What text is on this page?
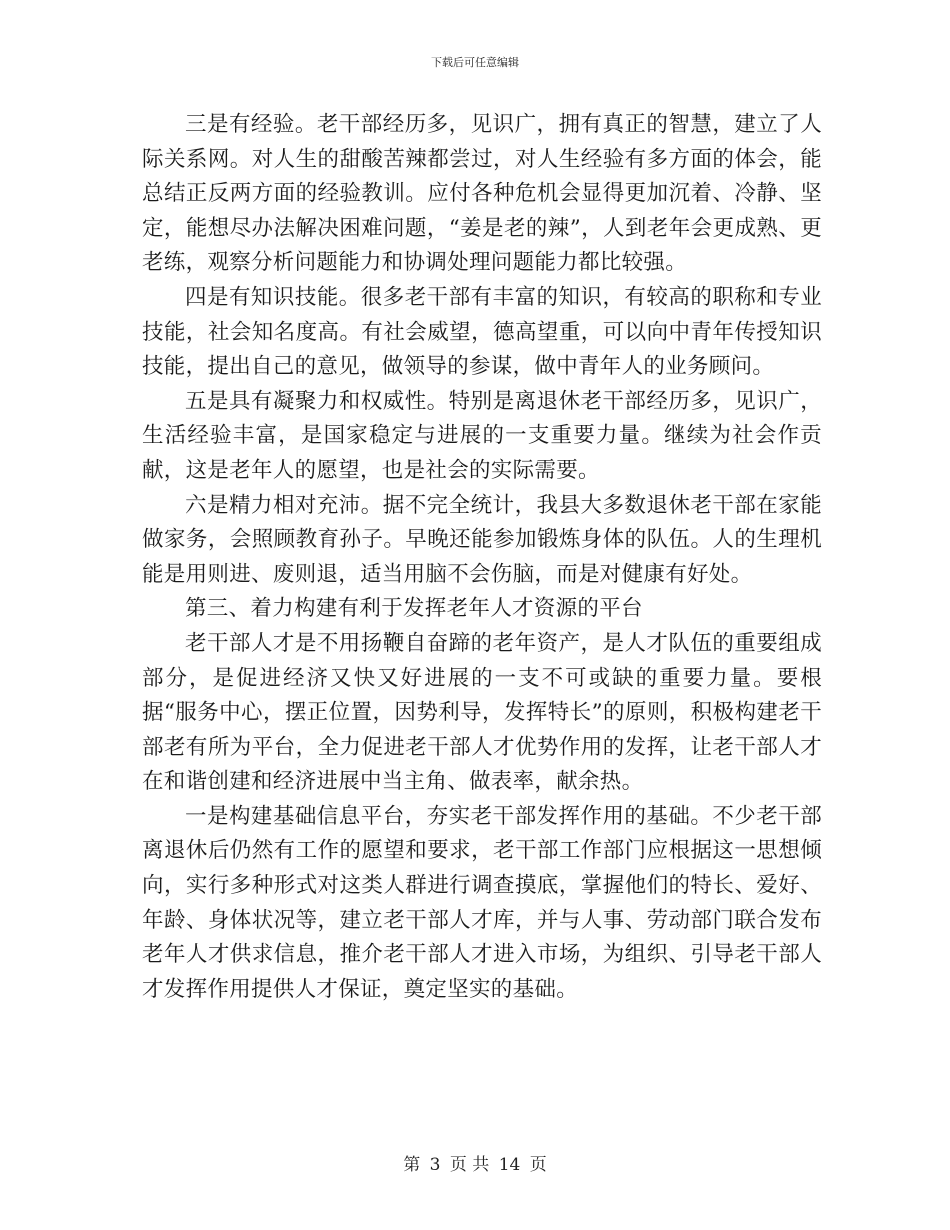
下载后可任意编辑

三是有经验。老干部经历多，见识广，拥有真正的智慧，建立了人际关系网。对人生的甜酸苦辣都尝过，对人生经验有多方面的体会，能总结正反两方面的经验教训。应付各种危机会显得更加沉着、冷静、坚定，能想尽办法解决困难问题，“姜是老的辣”，人到老年会更成熟、更老练，观察分析问题能力和协调处理问题能力都比较强。

四是有知识技能。很多老干部有丰富的知识，有较高的职称和专业技能，社会知名度高。有社会威望，德高望重，可以向中青年传授知识技能，提出自己的意见，做领导的参谋，做中青年人的业务顾问。

五是具有凝聚力和权威性。特别是离退休老干部经历多，见识广，生活经验丰富，是国家稳定与进展的一支重要力量。继续为社会作贡献，这是老年人的愿望，也是社会的实际需要。

六是精力相对充沛。据不完全统计，我县大多数退休老干部在家能做家务，会照顾教育孙子。早晚还能参加锻炼身体的队伍。人的生理机能是用则进、废则退，适当用脑不会伤脑，而是对健康有好处。

第三、着力构建有利于发挥老年人才资源的平台

老干部人才是不用扬鞭自奋蹄的老年资产，是人才队伍的重要组成部分，是促进经济又快又好进展的一支不可或缺的重要力量。要根据“服务中心，摆正位置，因势利导，发挥特长”的原则，积极构建老干部老有所为平台，全力促进老干部人才优势作用的发挥，让老干部人才在和谐创建和经济进展中当主角、做表率，献余热。

一是构建基础信息平台，夯实老干部发挥作用的基础。不少老干部离退休后仍然有工作的愿望和要求，老干部工作部门应根据这一思想倾向，实行多种形式对这类人群进行调查摸底，掌握他们的特长、爱好、年龄、身体状况等，建立老干部人才库，并与人事、劳动部门联合发布老年人才供求信息，推介老干部人才进入市场，为组织、引导老干部人才发挥作用提供人才保证，奠定坚实的基础。

第 3 页 共 14 页
